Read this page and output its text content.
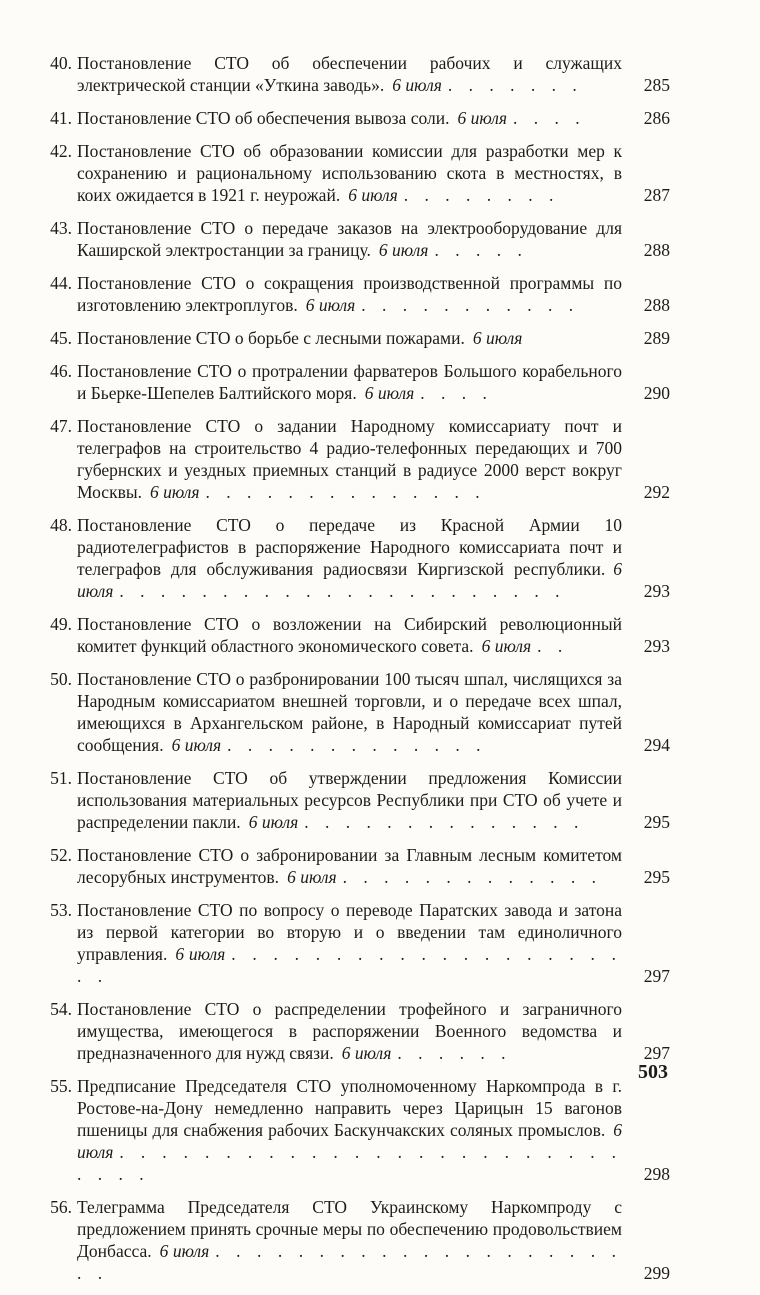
40. Постановление СТО об обеспечении рабочих и служащих электрической станции «Уткина заводь». 6 июля . . . . . . .	285
41. Постановление СТО об обеспечения вывоза соли. 6 июля . . . .	286
42. Постановление СТО об образовании комиссии для разработки мер к сохранению и рациональному использованию скота в местностях, в коих ожидается в 1921 г. неурожай. 6 июля . . . . . . . .	287
43. Постановление СТО о передаче заказов на электрооборудование для Каширской электростанции за границу. 6 июля . . . . .	288
44. Постановление СТО о сокращения производственной программы по изготовлению электроплугов. 6 июля . . . . . . . . . . .	288
45. Постановление СТО о борьбе с лесными пожарами. 6 июля	289
46. Постановление СТО о протралении фарватеров Большого корабельного и Бьерке-Шепелев Балтийского моря. 6 июля . . . .	290
47. Постановление СТО о задании Народному комиссариату почт и телеграфов на строительство 4 радио-телефонных передающих и 700 губернских и уездных приемных станций в радиусе 2000 верст вокруг Москвы. 6 июля . . . . . . . . . . . . . .	292
48. Постановление СТО о передаче из Красной Армии 10 радиотелеграфистов в распоряжение Народного комиссариата почт и телеграфов для обслуживания радиосвязи Киргизской республики. 6 июля . . . . . . . . . . . . . . . . . . . . . .	293
49. Постановление СТО о возложении на Сибирский революционный комитет функций областного экономического совета. 6 июля . .	293
50. Постановление СТО о разбронировании 100 тысяч шпал, числящихся за Народным комиссариатом внешней торговли, и о передаче всех шпал, имеющихся в Архангельском районе, в Народный комиссариат путей сообщения. 6 июля . . . . . . . . . . . . .	294
51. Постановление СТО об утверждении предложения Комиссии использования материальных ресурсов Республики при СТО об учете и распределении пакли. 6 июля . . . . . . . . . . . . . .	295
52. Постановление СТО о забронировании за Главным лесным комитетом лесорубных инструментов. 6 июля . . . . . . . . . . . . .	295
53. Постановление СТО по вопросу о переводе Паратских завода и затона из первой категории во вторую и о введении там единоличного управления. 6 июля . . . . . . . . . . . . . . . . . . . . .	297
54. Постановление СТО о распределении трофейного и заграничного имущества, имеющегося в распоряжении Военного ведомства и предназначенного для нужд связи. 6 июля . . . . . .	297
55. Предписание Председателя СТО уполномоченному Наркомпрода в г. Ростове-на-Дону немедленно направить через Царицын 15 вагонов пшеницы для снабжения рабочих Баскунчакских соляных промыслов. 6 июля . . . . . . . . . . . . . . . . . . . . . . . . . . . .	298
56. Телеграмма Председателя СТО Украинскому Наркомпроду с предложением принять срочные меры по обеспечению продовольствием Донбасса. 6 июля . . . . . . . . . . . . . . . . . . . . . .	299
503
